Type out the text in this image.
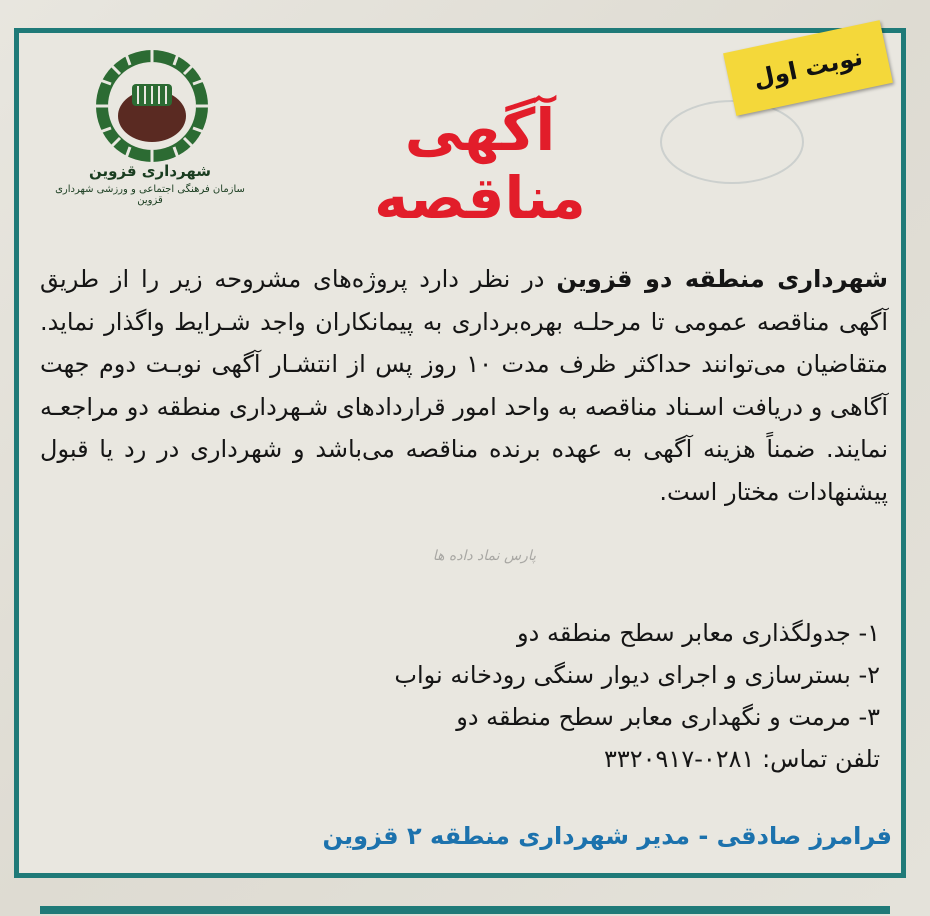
شهرداری قزوین
سازمان فرهنگی اجتماعی و ورزشی شهرداری قزوین
نوبت اول
آگهی مناقصه
شهرداری منطقه دو قزوین در نظر دارد پروژه‌های مشروحه زیر را از طریق آگهی مناقصه عمومی تا مرحلـه بهره‌برداری به پیمانکاران واجد شـرایط واگذار نماید. متقاضیان می‌توانند حداکثر ظرف مدت ۱۰ روز پس از انتشـار آگهی نوبـت دوم جهت آگاهی و دریافت اسـناد مناقصه به واحد امور قراردادهای شـهرداری منطقه دو مراجعـه نمایند. ضمناً هزینه آگهی به عهده برنده مناقصه می‌باشد و شهرداری در رد یا قبول پیشنهادات مختار است.
پارس نماد داده ها
۱- جدولگذاری معابر سطح منطقه دو
۲- بسترسازی و اجرای دیوار سنگی رودخانه نواب
۳- مرمت و نگهداری معابر سطح منطقه دو
تلفن تماس: ۰۲۸۱-۳۳۲۰۹۱۷
فرامرز صادقی - مدیر شهرداری منطقه ۲ قزوین
